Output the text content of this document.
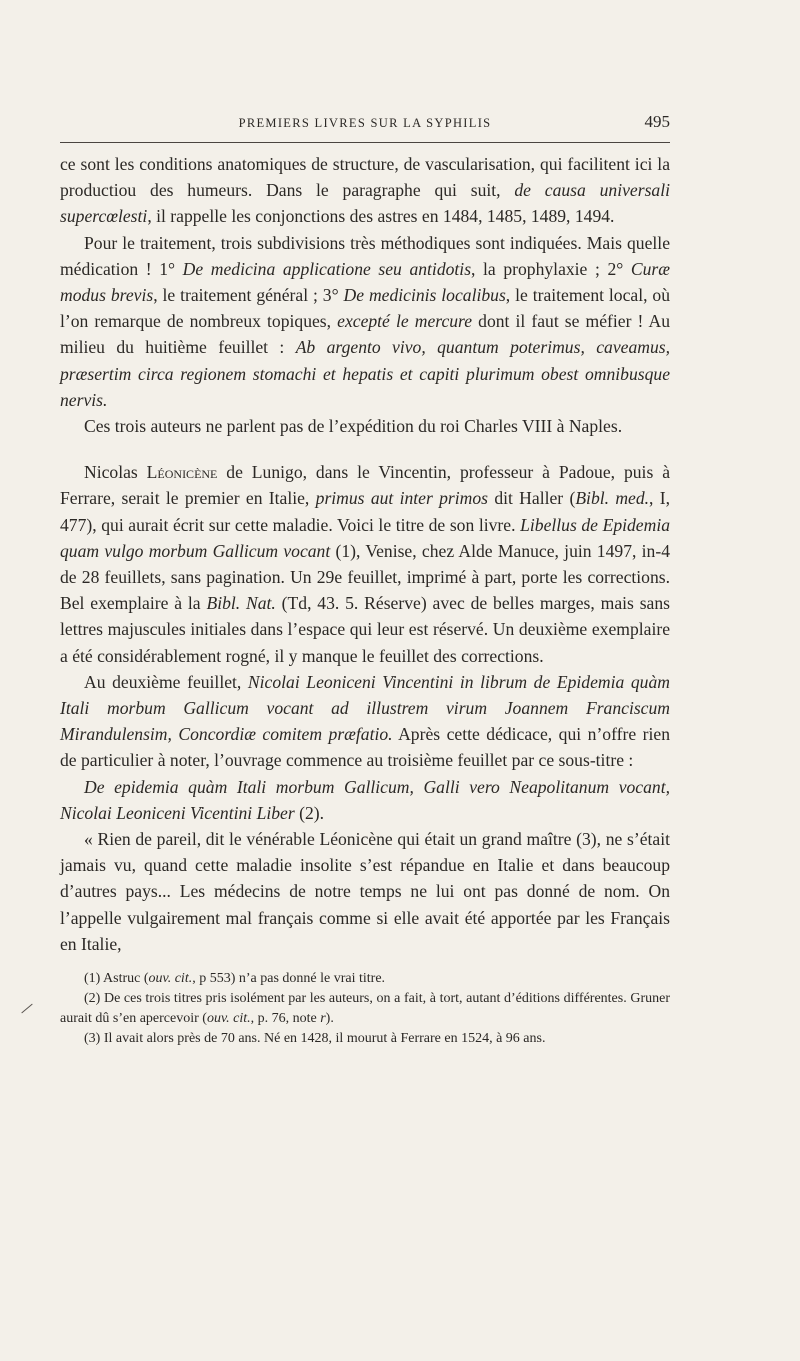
PREMIERS LIVRES SUR LA SYPHILIS	495

ce sont les conditions anatomiques de structure, de vascularisation, qui facilitent ici la productiou des humeurs. Dans le paragraphe qui suit, de causa universali supercœlesti, il rappelle les conjonctions des astres en 1484, 1485, 1489, 1494.

Pour le traitement, trois subdivisions très méthodiques sont indiquées. Mais quelle médication ! 1° De medicina applicatione seu antidotis, la prophylaxie ; 2° Curæ modus brevis, le traitement général ; 3° De medicinis localibus, le traitement local, où l’on remarque de nombreux topiques, excepté le mercure dont il faut se méfier ! Au milieu du huitième feuillet : Ab argento vivo, quantum poterimus, caveamus, præsertim circa regionem stomachi et hepatis et capiti plurimum obest omnibusque nervis.

Ces trois auteurs ne parlent pas de l’expédition du roi Charles VIII à Naples.

Nicolas Léonicène de Lunigo, dans le Vincentin, professeur à Padoue, puis à Ferrare, serait le premier en Italie, primus aut inter primos dit Haller (Bibl. med., I, 477), qui aurait écrit sur cette maladie. Voici le titre de son livre. Libellus de Epidemia quam vulgo morbum Gallicum vocant (1), Venise, chez Alde Manuce, juin 1497, in-4 de 28 feuillets, sans pagination. Un 29e feuillet, imprimé à part, porte les corrections. Bel exemplaire à la Bibl. Nat. (Td, 43. 5. Réserve) avec de belles marges, mais sans lettres majuscules initiales dans l’espace qui leur est réservé. Un deuxième exemplaire a été considérablement rogné, il y manque le feuillet des corrections.

Au deuxième feuillet, Nicolai Leoniceni Vincentini in librum de Epidemia quàm Itali morbum Gallicum vocant ad illustrem virum Joannem Franciscum Mirandulensim, Concordiæ comitem præfatio. Après cette dédicace, qui n’offre rien de particulier à noter, l’ouvrage commence au troisième feuillet par ce sous-titre :

De epidemia quàm Itali morbum Gallicum, Galli vero Neapolitanum vocant, Nicolai Leoniceni Vicentini Liber (2).

« Rien de pareil, dit le vénérable Léonicène qui était un grand maître (3), ne s’était jamais vu, quand cette maladie insolite s’est répandue en Italie et dans beaucoup d’autres pays... Les médecins de notre temps ne lui ont pas donné de nom. On l’appelle vulgairement mal français comme si elle avait été apportée par les Français en Italie,

(1) Astruc (ouv. cit., p 553) n’a pas donné le vrai titre.

(2) De ces trois titres pris isolément par les auteurs, on a fait, à tort, autant d’éditions différentes. Gruner aurait dû s’en apercevoir (ouv. cit., p. 76, note r).

(3) Il avait alors près de 70 ans. Né en 1428, il mourut à Ferrare en 1524, à 96 ans.
